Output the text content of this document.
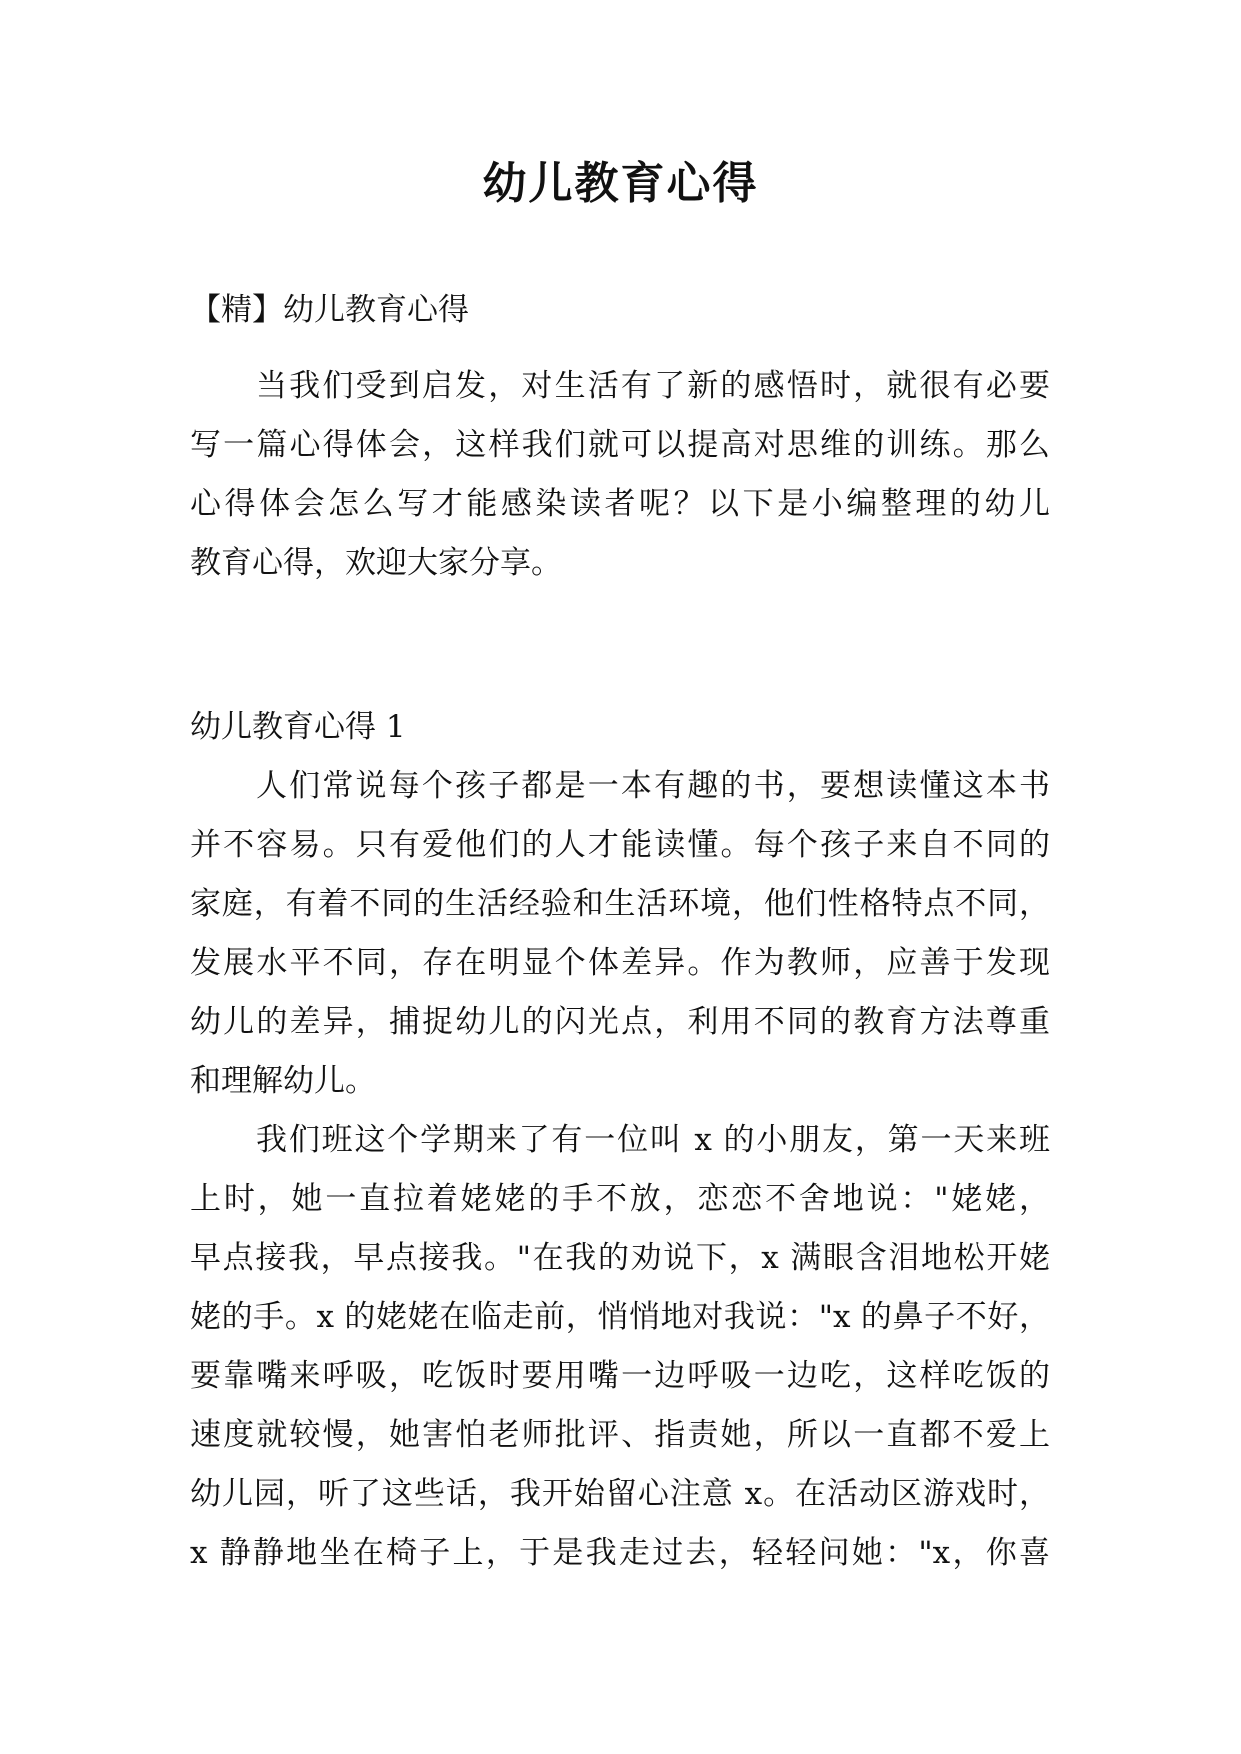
幼儿教育心得
【精】幼儿教育心得
当我们受到启发，对生活有了新的感悟时，就很有必要
写一篇心得体会，这样我们就可以提高对思维的训练。那么
心得体会怎么写才能感染读者呢？以下是小编整理的幼儿
教育心得，欢迎大家分享。
幼儿教育心得 1
人们常说每个孩子都是一本有趣的书，要想读懂这本书
并不容易。只有爱他们的人才能读懂。每个孩子来自不同的
家庭，有着不同的生活经验和生活环境，他们性格特点不同，
发展水平不同，存在明显个体差异。作为教师，应善于发现
幼儿的差异，捕捉幼儿的闪光点，利用不同的教育方法尊重
和理解幼儿。
我们班这个学期来了有一位叫 x 的小朋友，第一天来班
上时，她一直拉着姥姥的手不放，恋恋不舍地说："姥姥，
早点接我，早点接我。"在我的劝说下，x 满眼含泪地松开姥
姥的手。x 的姥姥在临走前，悄悄地对我说："x 的鼻子不好，
要靠嘴来呼吸，吃饭时要用嘴一边呼吸一边吃，这样吃饭的
速度就较慢，她害怕老师批评、指责她，所以一直都不爱上
幼儿园，听了这些话，我开始留心注意 x。在活动区游戏时，
x 静静地坐在椅子上，于是我走过去，轻轻问她："x，你喜
